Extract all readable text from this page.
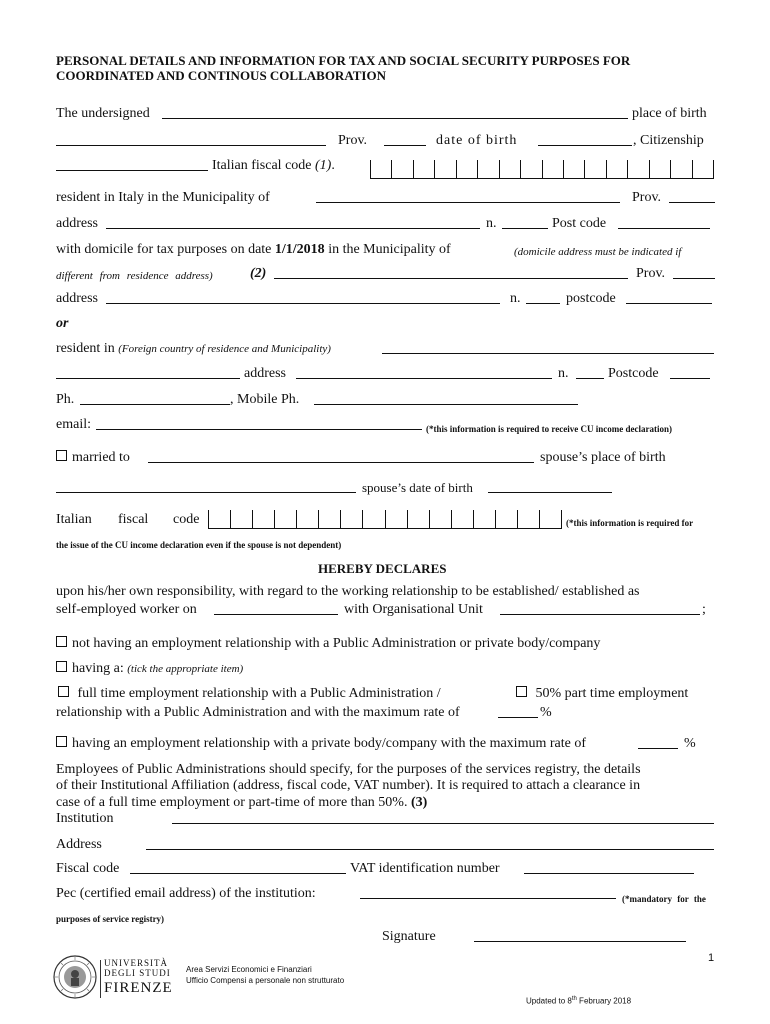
PERSONAL DETAILS AND INFORMATION FOR TAX AND SOCIAL SECURITY PURPOSES FOR
COORDINATED AND CONTINOUS COLLABORATION
The undersigned	place of birth
Prov.	date of birth	, Citizenship
Italian fiscal code (1).
resident in Italy in the Municipality of	Prov.
address	n.	Post code
with domicile for tax purposes on date 1/1/2018 in the Municipality of	(domicile address must be indicated if
different from residence address)	(2)	Prov.
address	n.	postcode
or
resident in (Foreign country of residence and Municipality)
address	n.	Postcode
Ph.	, Mobile Ph.
email:	(*this information is required to receive CU income declaration)
married to	spouse’s place of birth
spouse’s date of birth
Italian fiscal code	(*this information is required for
the issue of the CU income declaration even if the spouse is not dependent)
HEREBY DECLARES
upon his/her own responsibility, with regard to the working relationship to be established/ established as
self-employed worker on	with Organisational Unit	;
not having an employment relationship with a Public Administration or private body/company
having a: (tick the appropriate item)
full time employment relationship with a Public Administration /	50% part time employment
relationship with a Public Administration and with the maximum rate of	%
having an employment relationship with a private body/company with the maximum rate of	%
Employees of Public Administrations should specify, for the purposes of the services registry, the details
of their Institutional Affiliation (address, fiscal code, VAT number). It is required to attach a clearance in
case of a full time employment or part-time of more than 50%. (3)
Institution
Address
Fiscal code	VAT identification number
Pec (certified email address) of the institution:	(*mandatory for the
purposes of service registry)
Signature
1
UNIVERSITÀ
DEGLI STUDI
FIRENZE
Area Servizi Economici e Finanziari
Ufficio Compensi a personale non strutturato
Updated to 8th February 2018
